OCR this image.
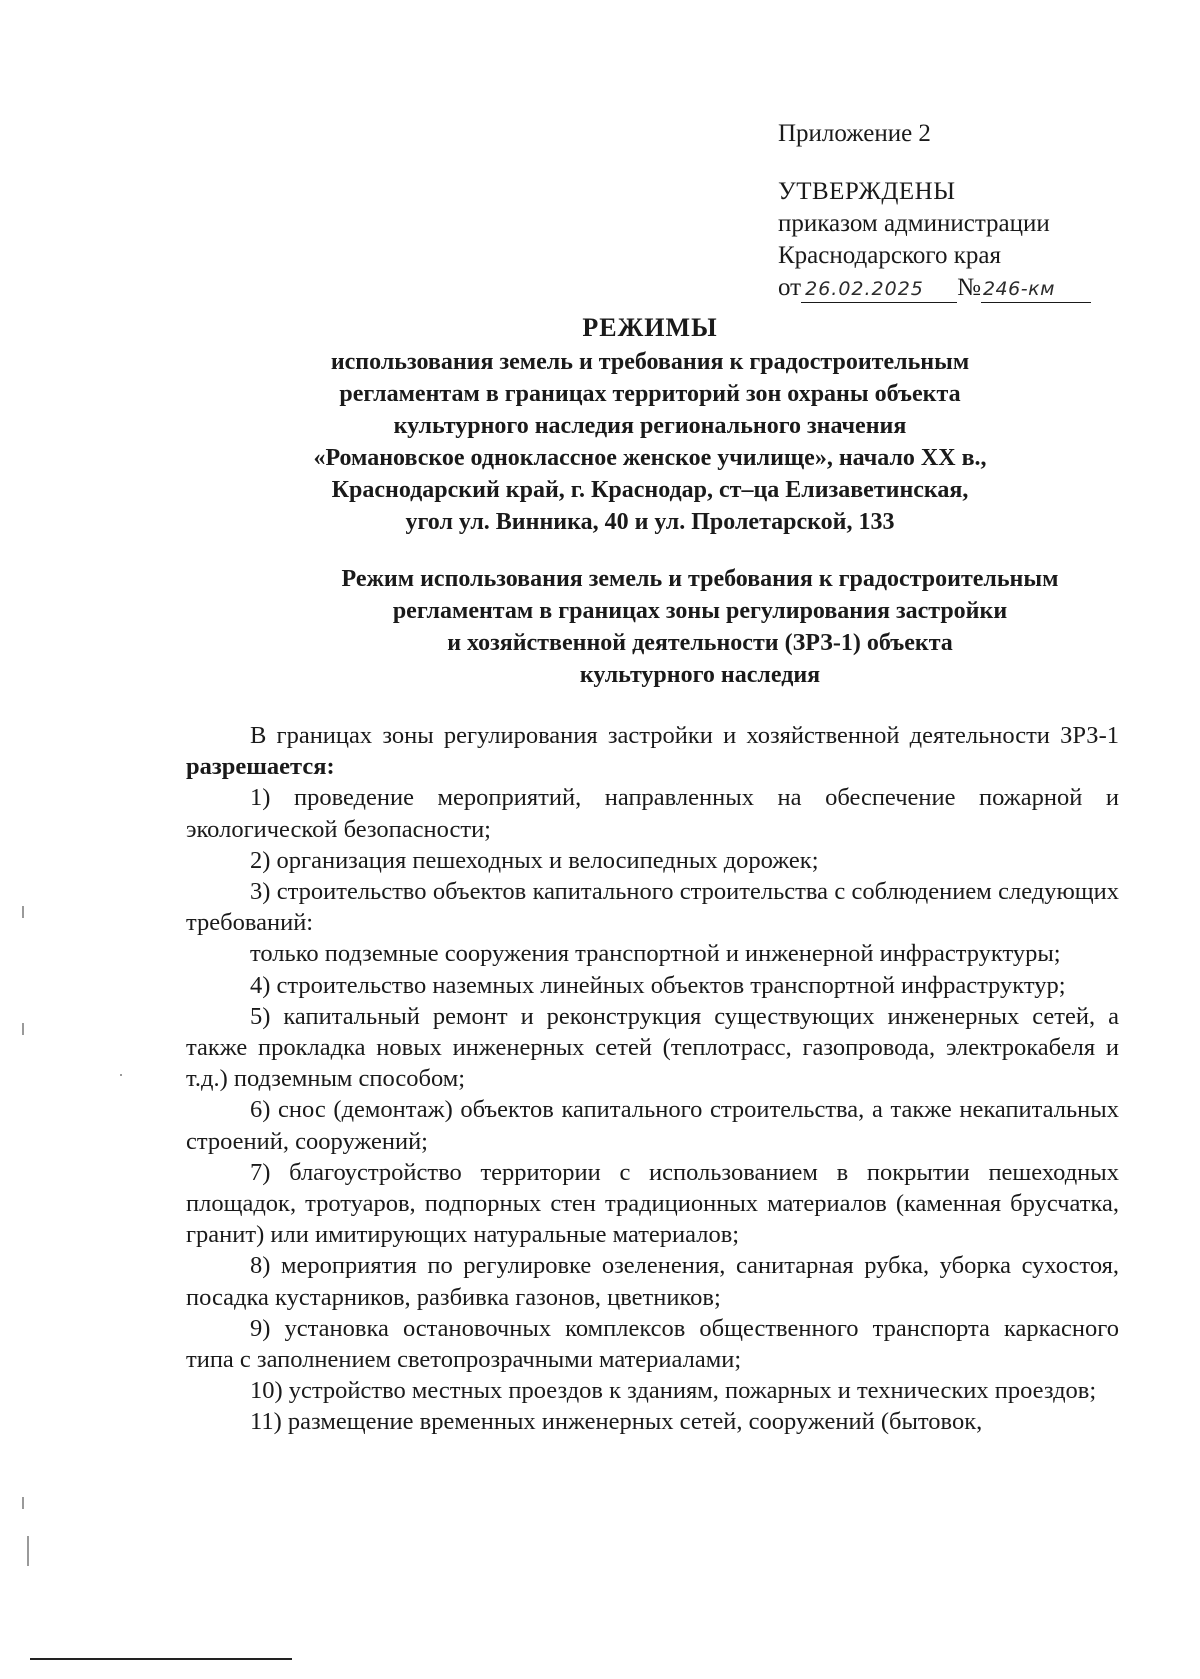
Приложение 2
УТВЕРЖДЕНЫ
приказом администрации
Краснодарского края
от 26.02.2025 № 246-км
РЕЖИМЫ
использования земель и требования к градостроительным
регламентам в границах территорий зон охраны объекта
культурного наследия регионального значения
«Романовское одноклассное женское училище», начало XX в.,
Краснодарский край, г. Краснодар, ст–ца Елизаветинская,
угол ул. Винника, 40 и ул. Пролетарской, 133
Режим использования земель и требования к градостроительным
регламентам в границах зоны регулирования застройки
и хозяйственной деятельности (ЗРЗ-1) объекта
культурного наследия

В границах зоны регулирования застройки и хозяйственной деятельности ЗРЗ-1 разрешается:

1) проведение мероприятий, направленных на обеспечение пожарной и экологической безопасности;

2) организация пешеходных и велосипедных дорожек;

3) строительство объектов капитального строительства с соблюдением следующих требований:

только подземные сооружения транспортной и инженерной инфраструктуры;

4) строительство наземных линейных объектов транспортной инфраструктур;

5) капитальный ремонт и реконструкция существующих инженерных сетей, а также прокладка новых инженерных сетей (теплотрасс, газопровода, электрокабеля и т.д.) подземным способом;

6) снос (демонтаж) объектов капитального строительства, а также некапитальных строений, сооружений;

7) благоустройство территории с использованием в покрытии пешеходных площадок, тротуаров, подпорных стен традиционных материалов (каменная брусчатка, гранит) или имитирующих натуральные материалов;

8) мероприятия по регулировке озеленения, санитарная рубка, уборка сухостоя, посадка кустарников, разбивка газонов, цветников;

9) установка остановочных комплексов общественного транспорта каркасного типа с заполнением светопрозрачными материалами;

10) устройство местных проездов к зданиям, пожарных и технических проездов;

11) размещение временных инженерных сетей, сооружений (бытовок,
